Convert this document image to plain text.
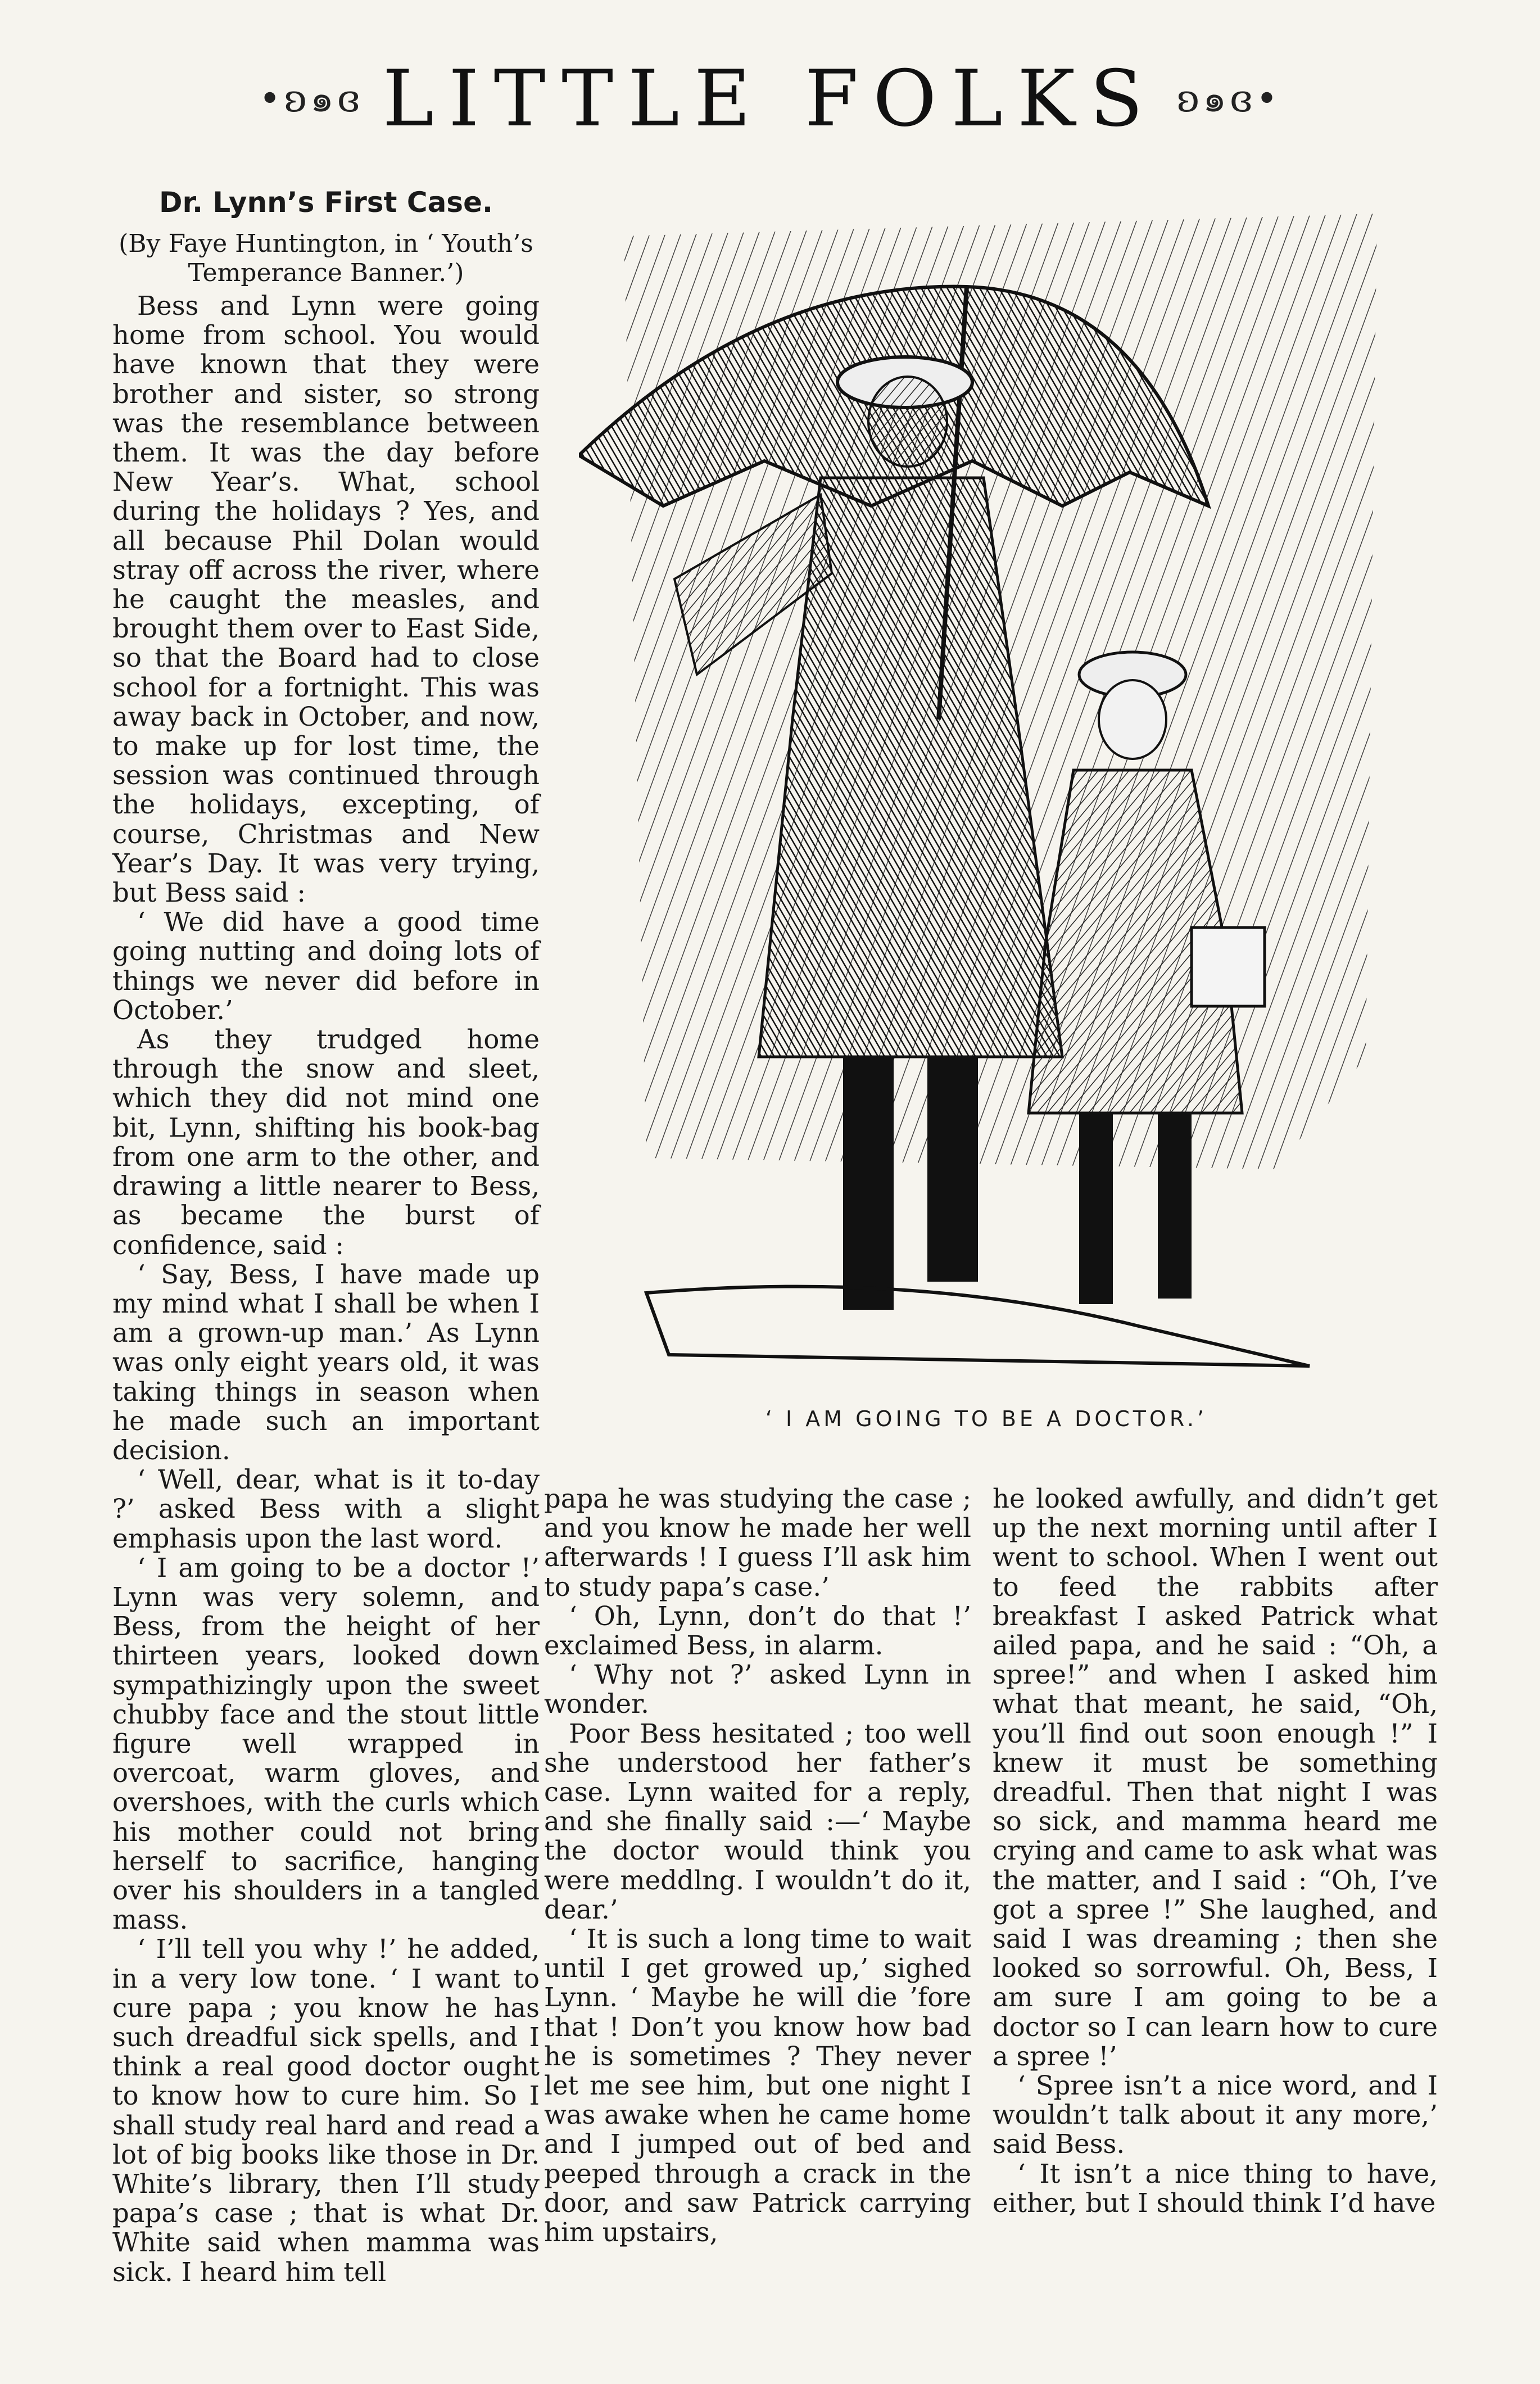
•ʚ๑ɞ LITTLE FOLKS ʚ๑ɞ•
Dr. Lynn’s First Case.
(By Faye Huntington, in ‘ Youth’s Temperance Banner.’)

Bess and Lynn were going home from school. You would have known that they were brother and sister, so strong was the resemblance between them. It was the day before New Year’s. What, school during the holidays ? Yes, and all because Phil Dolan would stray off across the river, where he caught the measles, and brought them over to East Side, so that the Board had to close school for a fortnight. This was away back in October, and now, to make up for lost time, the session was continued through the holidays, excepting, of course, Christmas and New Year’s Day. It was very trying, but Bess said :

‘ We did have a good time going nutting and doing lots of things we never did before in October.’

As they trudged home through the snow and sleet, which they did not mind one bit, Lynn, shifting his book-bag from one arm to the other, and drawing a little nearer to Bess, as became the burst of confidence, said :

‘ Say, Bess, I have made up my mind what I shall be when I am a grown-up man.’ As Lynn was only eight years old, it was taking things in season when he made such an important decision.

‘ Well, dear, what is it to-day ?’ asked Bess with a slight emphasis upon the last word.

‘ I am going to be a doctor !’ Lynn was very solemn, and Bess, from the height of her thirteen years, looked down sympathizingly upon the sweet chubby face and the stout little figure well wrapped in overcoat, warm gloves, and overshoes, with the curls which his mother could not bring herself to sacrifice, hanging over his shoulders in a tangled mass.

‘ I’ll tell you why !’ he added, in a very low tone. ‘ I want to cure papa ; you know he has such dreadful sick spells, and I think a real good doctor ought to know how to cure him. So I shall study real hard and read a lot of big books like those in Dr. White’s library, then I’ll study papa’s case ; that is what Dr. White said when mamma was sick. I heard him tell

‘ I AM GOING TO BE A DOCTOR.’

papa he was studying the case ; and you know he made her well afterwards ! I guess I’ll ask him to study papa’s case.’

‘ Oh, Lynn, don’t do that !’ exclaimed Bess, in alarm.

‘ Why not ?’ asked Lynn in wonder.

Poor Bess hesitated ; too well she understood her father’s case. Lynn waited for a reply, and she finally said :—‘ Maybe the doctor would think you were meddlng. I wouldn’t do it, dear.’

‘ It is such a long time to wait until I get growed up,’ sighed Lynn. ‘ Maybe he will die ’fore that ! Don’t you know how bad he is sometimes ? They never let me see him, but one night I was awake when he came home and I jumped out of bed and peeped through a crack in the door, and saw Patrick carrying him upstairs,

he looked awfully, and didn’t get up the next morning until after I went to school. When I went out to feed the rabbits after breakfast I asked Patrick what ailed papa, and he said : “Oh, a spree!” and when I asked him what that meant, he said, “Oh, you’ll find out soon enough !” I knew it must be something dreadful. Then that night I was so sick, and mamma heard me crying and came to ask what was the matter, and I said : “Oh, I’ve got a spree !” She laughed, and said I was dreaming ; then she looked so sorrowful. Oh, Bess, I am sure I am going to be a doctor so I can learn how to cure a spree !’

‘ Spree isn’t a nice word, and I wouldn’t talk about it any more,’ said Bess.

‘ It isn’t a nice thing to have, either, but I should think I’d have
